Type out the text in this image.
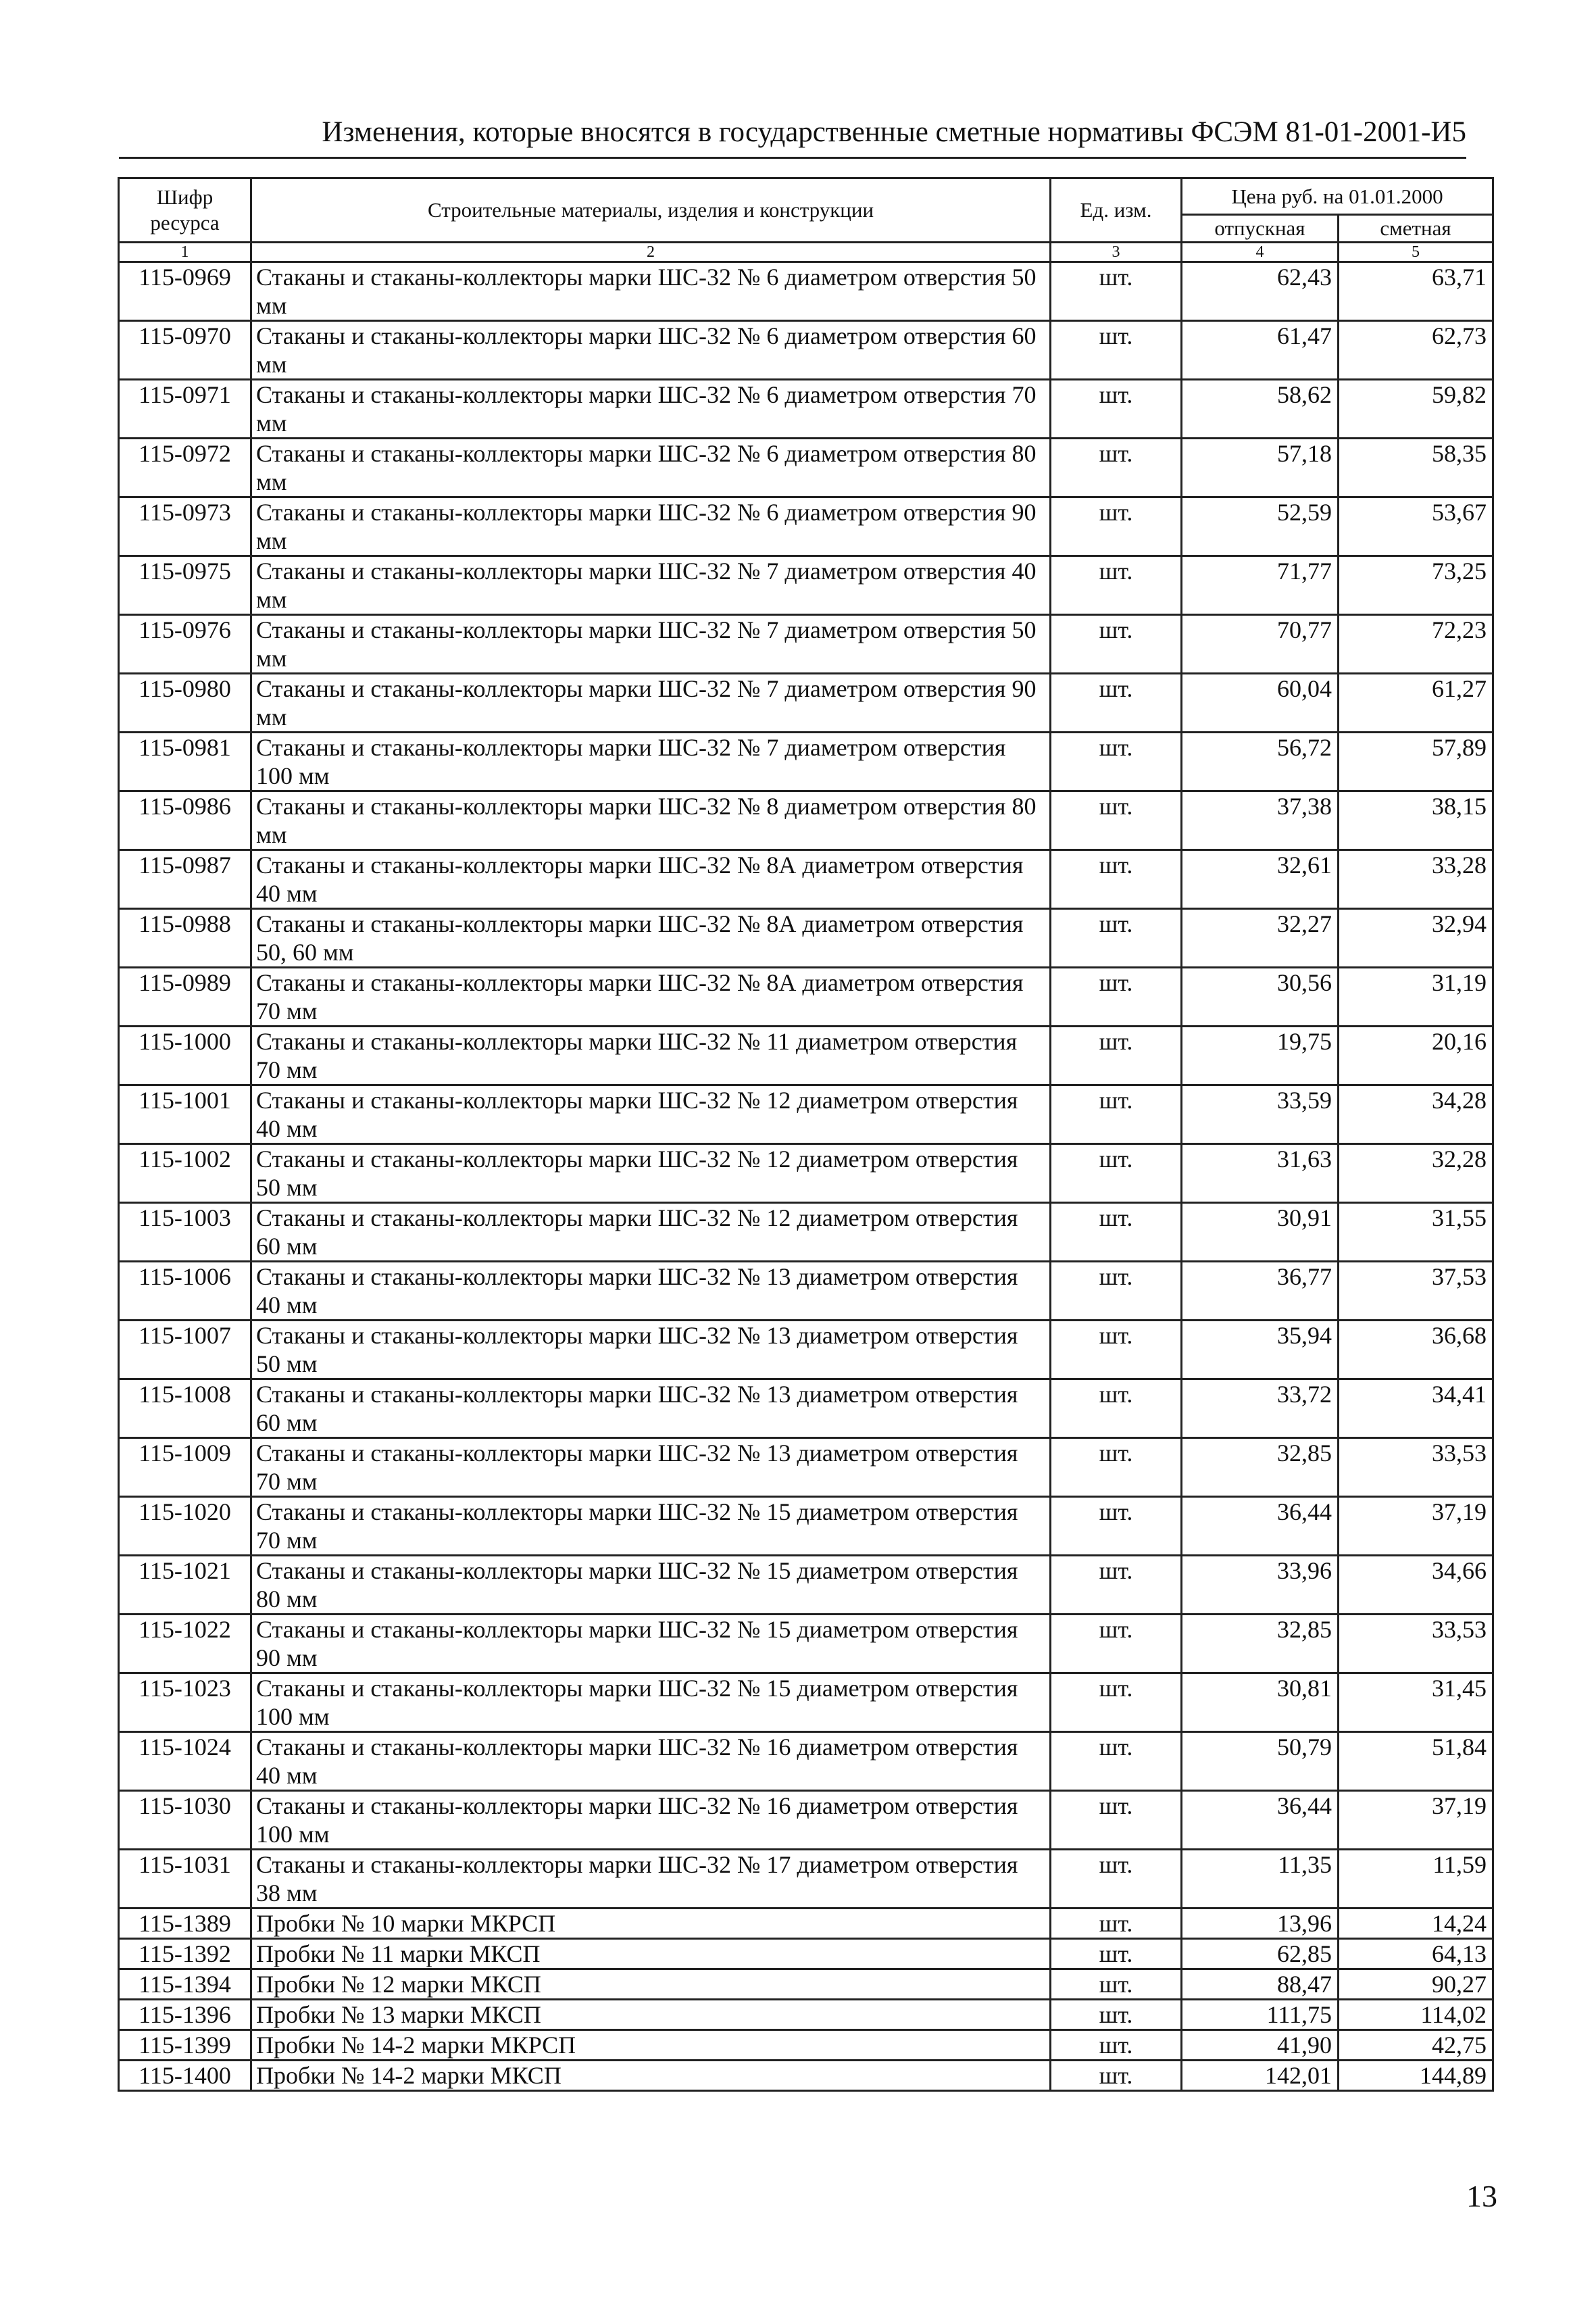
Изменения, которые вносятся в государственные сметные нормативы ФСЭМ 81-01-2001-И5
Шифр ресурса	Строительные материалы, изделия и конструкции	Ед. изм.	Цена руб. на 01.01.2000	
			отпускная	сметная
1	2	3	4	5
115-0969	Стаканы и стаканы-коллекторы марки ШС-32 № 6 диаметром отверстия 50 мм	шт.	62,43	63,71
115-0970	Стаканы и стаканы-коллекторы марки ШС-32 № 6 диаметром отверстия 60 мм	шт.	61,47	62,73
115-0971	Стаканы и стаканы-коллекторы марки ШС-32 № 6 диаметром отверстия 70 мм	шт.	58,62	59,82
115-0972	Стаканы и стаканы-коллекторы марки ШС-32 № 6 диаметром отверстия 80 мм	шт.	57,18	58,35
115-0973	Стаканы и стаканы-коллекторы марки ШС-32 № 6 диаметром отверстия 90 мм	шт.	52,59	53,67
115-0975	Стаканы и стаканы-коллекторы марки ШС-32 № 7 диаметром отверстия 40 мм	шт.	71,77	73,25
115-0976	Стаканы и стаканы-коллекторы марки ШС-32 № 7 диаметром отверстия 50 мм	шт.	70,77	72,23
115-0980	Стаканы и стаканы-коллекторы марки ШС-32 № 7 диаметром отверстия 90 мм	шт.	60,04	61,27
115-0981	Стаканы и стаканы-коллекторы марки ШС-32 № 7 диаметром отверстия 100 мм	шт.	56,72	57,89
115-0986	Стаканы и стаканы-коллекторы марки ШС-32 № 8 диаметром отверстия 80 мм	шт.	37,38	38,15
115-0987	Стаканы и стаканы-коллекторы марки ШС-32 № 8А диаметром отверстия 40 мм	шт.	32,61	33,28
115-0988	Стаканы и стаканы-коллекторы марки ШС-32 № 8А диаметром отверстия 50, 60 мм	шт.	32,27	32,94
115-0989	Стаканы и стаканы-коллекторы марки ШС-32 № 8А диаметром отверстия 70 мм	шт.	30,56	31,19
115-1000	Стаканы и стаканы-коллекторы марки ШС-32 № 11 диаметром отверстия 70 мм	шт.	19,75	20,16
115-1001	Стаканы и стаканы-коллекторы марки ШС-32 № 12 диаметром отверстия 40 мм	шт.	33,59	34,28
115-1002	Стаканы и стаканы-коллекторы марки ШС-32 № 12 диаметром отверстия 50 мм	шт.	31,63	32,28
115-1003	Стаканы и стаканы-коллекторы марки ШС-32 № 12 диаметром отверстия 60 мм	шт.	30,91	31,55
115-1006	Стаканы и стаканы-коллекторы марки ШС-32 № 13 диаметром отверстия 40 мм	шт.	36,77	37,53
115-1007	Стаканы и стаканы-коллекторы марки ШС-32 № 13 диаметром отверстия 50 мм	шт.	35,94	36,68
115-1008	Стаканы и стаканы-коллекторы марки ШС-32 № 13 диаметром отверстия 60 мм	шт.	33,72	34,41
115-1009	Стаканы и стаканы-коллекторы марки ШС-32 № 13 диаметром отверстия 70 мм	шт.	32,85	33,53
115-1020	Стаканы и стаканы-коллекторы марки ШС-32 № 15 диаметром отверстия 70 мм	шт.	36,44	37,19
115-1021	Стаканы и стаканы-коллекторы марки ШС-32 № 15 диаметром отверстия 80 мм	шт.	33,96	34,66
115-1022	Стаканы и стаканы-коллекторы марки ШС-32 № 15 диаметром отверстия 90 мм	шт.	32,85	33,53
115-1023	Стаканы и стаканы-коллекторы марки ШС-32 № 15 диаметром отверстия 100 мм	шт.	30,81	31,45
115-1024	Стаканы и стаканы-коллекторы марки ШС-32 № 16 диаметром отверстия 40 мм	шт.	50,79	51,84
115-1030	Стаканы и стаканы-коллекторы марки ШС-32 № 16 диаметром отверстия 100 мм	шт.	36,44	37,19
115-1031	Стаканы и стаканы-коллекторы марки ШС-32 № 17 диаметром отверстия 38 мм	шт.	11,35	11,59
115-1389	Пробки № 10 марки МКРСП	шт.	13,96	14,24
115-1392	Пробки № 11 марки МКСП	шт.	62,85	64,13
115-1394	Пробки № 12 марки МКСП	шт.	88,47	90,27
115-1396	Пробки № 13 марки МКСП	шт.	111,75	114,02
115-1399	Пробки № 14-2 марки МКРСП	шт.	41,90	42,75
115-1400	Пробки № 14-2 марки МКСП	шт.	142,01	144,89
13
